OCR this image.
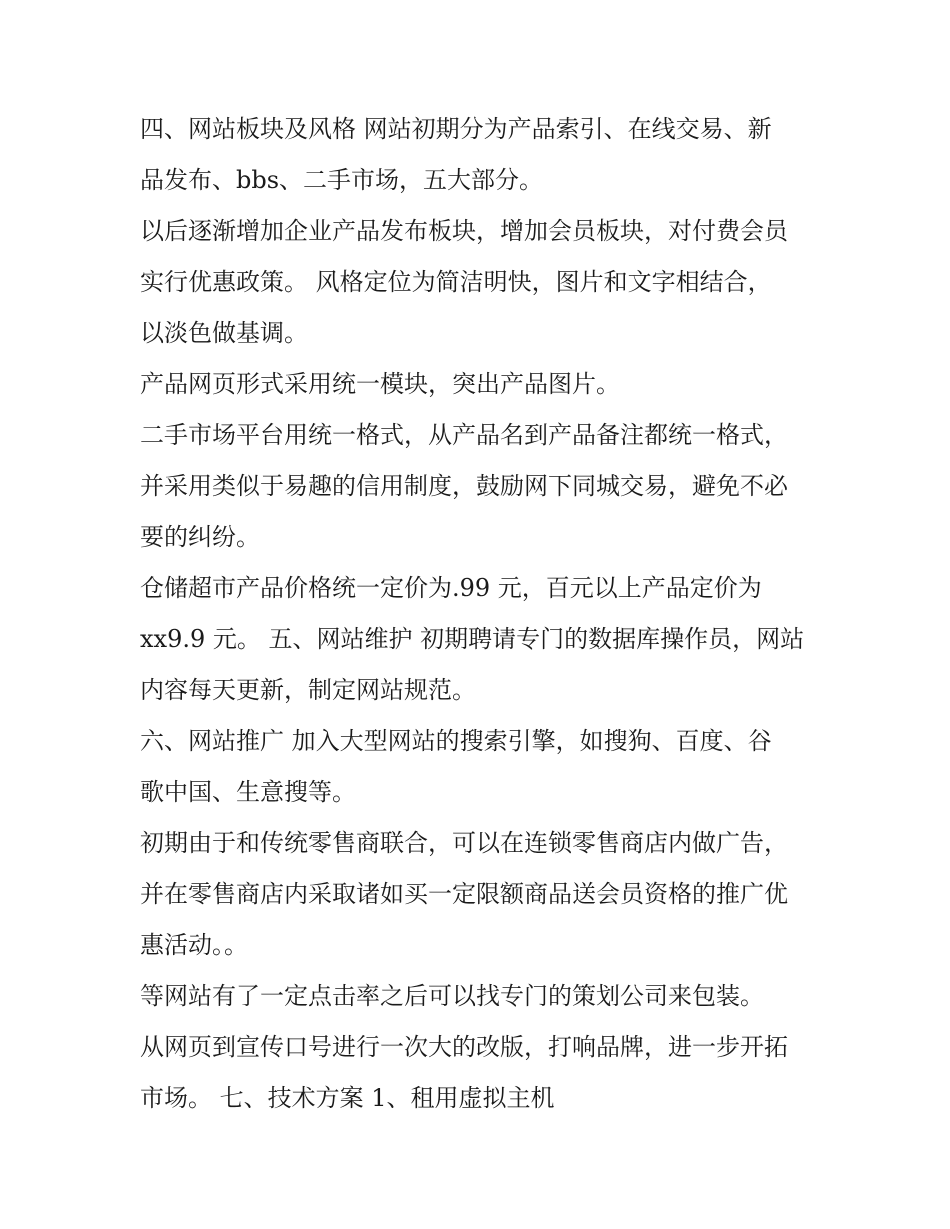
四、网站板块及风格 网站初期分为产品索引、在线交易、新
品发布、bbs、二手市场，五大部分。

以后逐渐增加企业产品发布板块，增加会员板块，对付费会员
实行优惠政策。 风格定位为简洁明快，图片和文字相结合，
以淡色做基调。

产品网页形式采用统一模块，突出产品图片。

二手市场平台用统一格式，从产品名到产品备注都统一格式，
并采用类似于易趣的信用制度，鼓励网下同城交易，避免不必
要的纠纷。

仓储超市产品价格统一定价为.99 元，百元以上产品定价为
xx9.9 元。 五、网站维护 初期聘请专门的数据库操作员，网站
内容每天更新，制定网站规范。

六、网站推广 加入大型网站的搜索引擎，如搜狗、百度、谷
歌中国、生意搜等。

初期由于和传统零售商联合，可以在连锁零售商店内做广告，
并在零售商店内采取诸如买一定限额商品送会员资格的推广优
惠活动。。

等网站有了一定点击率之后可以找专门的策划公司来包装。

从网页到宣传口号进行一次大的改版，打响品牌，进一步开拓
市场。 七、技术方案 1、租用虚拟主机
